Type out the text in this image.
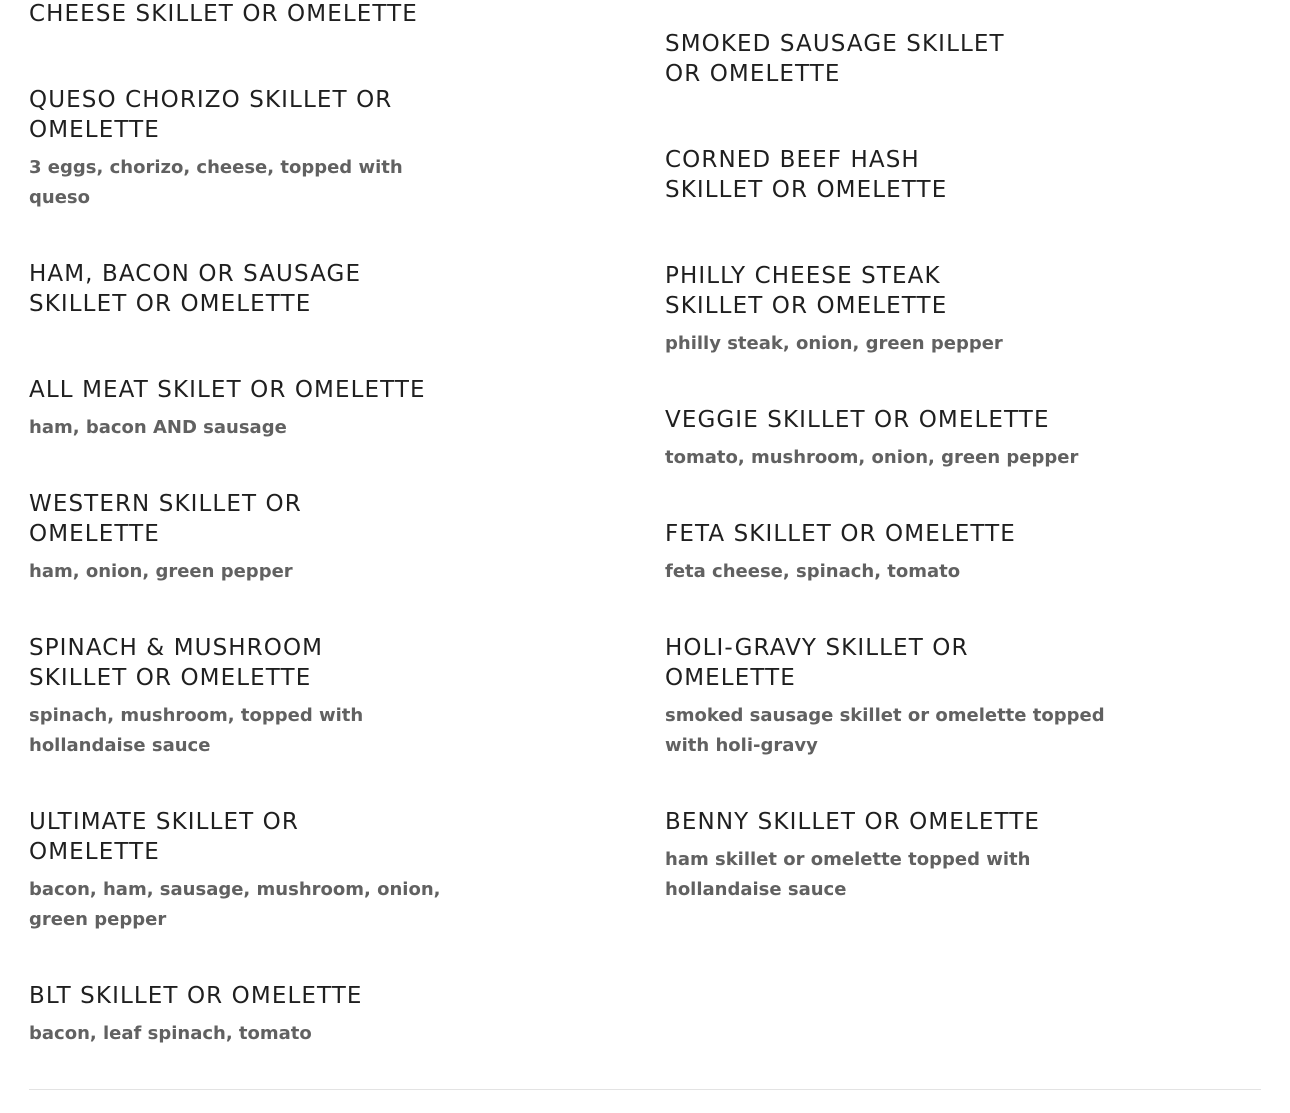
CHEESE SKILLET OR OMELETTE
QUESO CHORIZO SKILLET OR OMELETTE

3 eggs, chorizo, cheese, topped with queso

HAM, BACON OR SAUSAGE SKILLET OR OMELETTE
ALL MEAT SKILET OR OMELETTE

ham, bacon AND sausage

WESTERN SKILLET OR OMELETTE

ham, onion, green pepper

SPINACH & MUSHROOM SKILLET OR OMELETTE

spinach, mushroom, topped with hollandaise sauce

ULTIMATE SKILLET OR OMELETTE

bacon, ham, sausage, mushroom, onion, green pepper

BLT SKILLET OR OMELETTE

bacon, leaf spinach, tomato

SMOKED SAUSAGE SKILLET OR OMELETTE
CORNED BEEF HASH SKILLET OR OMELETTE
PHILLY CHEESE STEAK SKILLET OR OMELETTE

philly steak, onion, green pepper

VEGGIE SKILLET OR OMELETTE

tomato, mushroom, onion, green pepper

FETA SKILLET OR OMELETTE

feta cheese, spinach, tomato

HOLI-GRAVY SKILLET OR OMELETTE

smoked sausage skillet or omelette topped with holi-gravy

BENNY SKILLET OR OMELETTE

ham skillet or omelette topped with hollandaise sauce
